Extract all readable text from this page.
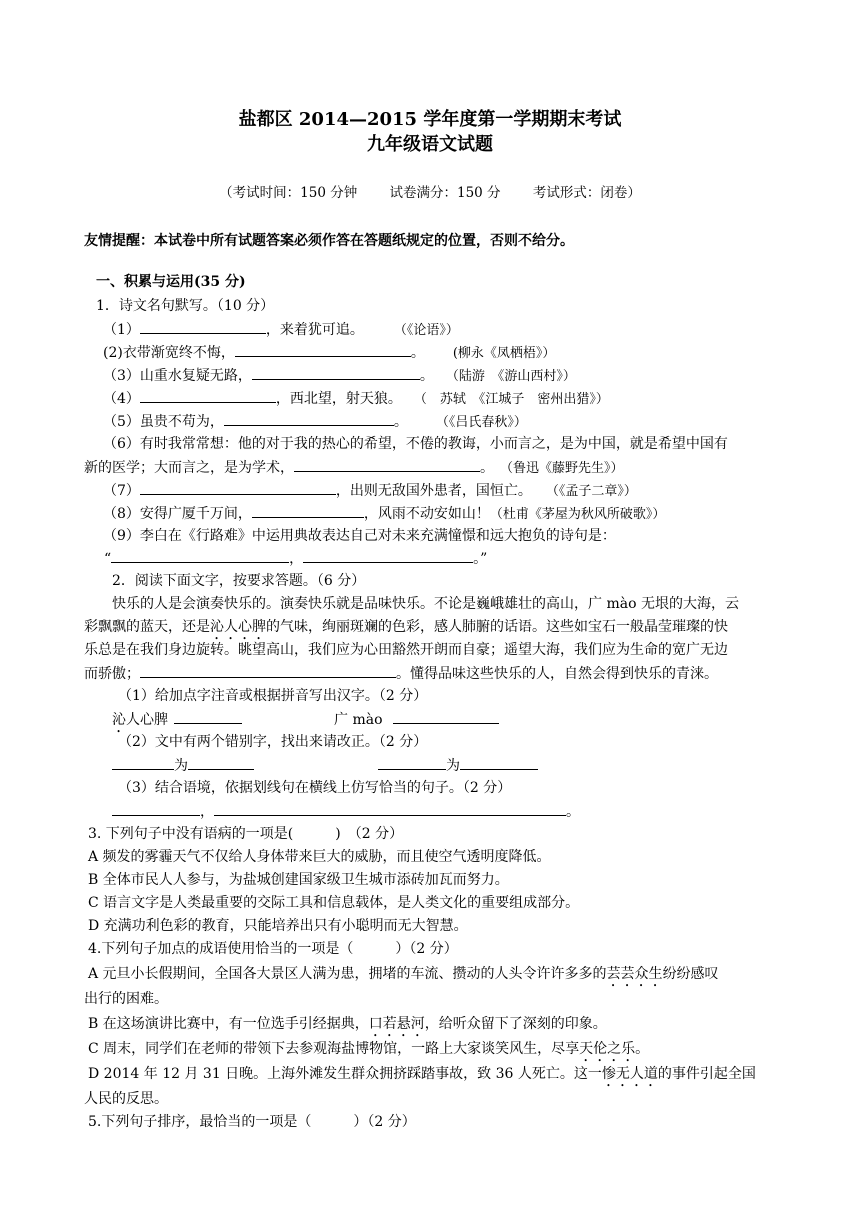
盐都区 2014—2015 学年度第一学期期末考试
九年级语文试题
（考试时间：150 分钟 试卷满分：150 分 考试形式：闭卷）
友情提醒：本试卷中所有试题答案必须作答在答题纸规定的位置，否则不给分。
一、积累与运用(35 分)
1．诗文名句默写。（10 分）
（1）	，来着犹可追。 （《论语》）
(2)衣带渐宽终不悔，	。 (柳永《凤栖梧》）
（3）山重水复疑无路，	。 （陆游　《游山西村》）
（4）	，西北望，射天狼。 （　苏轼　《江城子　密州出猎》）
（5）虽贵不苟为，	。 （《吕氏春秋》）
（6）有时我常常想：他的对于我的热心的希望，不倦的教诲，小而言之，是为中国，就是希望中国有
新的医学；大而言之，是为学术，	。 （鲁迅《藤野先生》）
（7）	，出则无敌国外患者，国恒亡。 （《孟子二章》）
（8）安得广厦千万间，	，风雨不动安如山！（杜甫《茅屋为秋风所破歌》）
（9）李白在《行路难》中运用典故表达自己对未来充满憧憬和远大抱负的诗句是：
“	，	。”
2．阅读下面文字，按要求答题。（6 分）
快乐的人是会演奏快乐的。演奏快乐就是品味快乐。不论是巍峨雄壮的高山，广 mào 无垠的大海，云
彩飘飘的蓝天，还是沁人心脾的气味，绚丽斑斓的色彩，感人肺腑的话语。这些如宝石一般晶莹璀璨的快
乐总是在我们身边旋转。眺望高山，我们应为心田豁然开朗而自豪；遥望大海，我们应为生命的宽广无边
而骄傲；	。懂得品味这些快乐的人，自然会得到快乐的青涞。
（1）给加点字注音或根据拼音写出汉字。（2 分）
沁人心脾	广 mào
（2）文中有两个错别字，找出来请改正。（2 分）
为	为
（3）结合语境，依据划线句在横线上仿写恰当的句子。（2 分）
，	。
3. 下列句子中没有语病的一项是(　　　)　（2 分）
A 频发的雾霾天气不仅给人身体带来巨大的威胁，而且使空气透明度降低。
B 全体市民人人参与，为盐城创建国家级卫生城市添砖加瓦而努力。
C 语言文字是人类最重要的交际工具和信息载体，是人类文化的重要组成部分。
D 充满功利色彩的教育，只能培养出只有小聪明而无大智慧。
4.下列句子加点的成语使用恰当的一项是（　　　）（2 分）
A 元旦小长假期间，全国各大景区人满为患，拥堵的车流、攒动的人头令许许多多的芸芸众生纷纷感叹
出行的困难。
B 在这场演讲比赛中，有一位选手引经据典，口若悬河，给听众留下了深刻的印象。
C 周末，同学们在老师的带领下去参观海盐博物馆，一路上大家谈笑风生，尽享天伦之乐。
D 2014 年 12 月 31 日晚。上海外滩发生群众拥挤踩踏事故，致 36 人死亡。这一惨无人道的事件引起全国
人民的反思。
5.下列句子排序，最恰当的一项是（　　　）（2 分）
